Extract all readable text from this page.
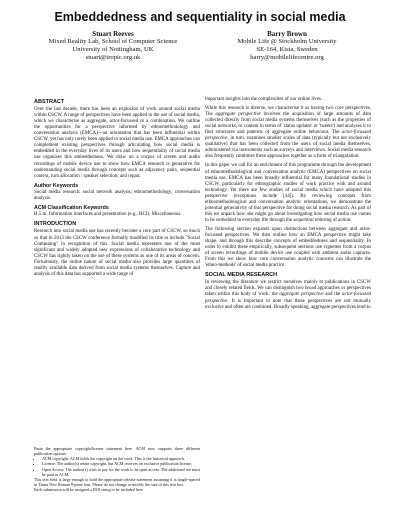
Embeddedness and sequentiality in social media
Stuart Reeves
Mixed Reality Lab, School of Computer Science
University of Nottingham, UK
stuart@tropic.org.uk
Barry Brown
Mobile Life @ Stockholm University
SE-164, Kista, Sweden
barry@mobilelifecentre.org
ABSTRACT

Over the last decade, there has been an explosion of work around social media within CSCW. A range of perspectives have been applied to the use of social media, which we characterise as aggregate, actor-focussed or a combination. We outline the opportunities for a perspective informed by ethnomethodology and conversation analysis (EMCA)—an orientation that has been influential within CSCW, yet has only rarely been applied to social media use. EMCA approaches can complement existing perspectives through articulating how social media is embedded in the everyday lives of its users and how sequentiality of social media use organises this embeddedness. We draw on a corpus of screen and audio recordings of mobile device use to show how EMCA research is generative for understanding social media through concepts such as adjacency pairs, sequential context, turn allocation / speaker selection, and repair.

Author Keywords

Social media research; social network analysis; ethnomethodology; conversation analysis.

ACM Classification Keywords

H.5.m. Information interfaces and presentation (e.g., HCI): Miscellaneous.

INTRODUCTION

Research into social media use has recently become a core part of CSCW, so much so that in 2013 the CSCW conference formally modified its title to include "Social Computing" in recognition of this. Social media represents one of the most significant and widely adopted new expressions of collaborative technology and CSCW has rightly taken on the use of these systems as one of its areas of concern. Fortuitously, the online nature of social media also provides large quantities of readily available data derived from social media systems themselves. Capture and analysis of this data has supported a wide range of

Paste the appropriate copyright/license statement here. ACM now supports three different publication options:

• ACM copyright: ACM holds the copyright on the work. This is the historical approach.
• License: The author(s) retain copyright, but ACM receives an exclusive publication license.
• Open Access: The author(s) wish to pay for the work to be open access. The additional fee must be paid to ACM.

This text field is large enough to hold the appropriate release statement assuming it is single-spaced in Times New Roman 8-point font. Please do not change or modify the size of this text box.

Each submission will be assigned a DOI string to be included here.

important insights into the complexities of our online lives.

While this research is diverse, we characterise it as having two core perspectives. The aggregate perspective involves the acquisition of large amounts of data collected directly from social media systems themselves (such as the properties of social networks, or content in terms of 'status updates' or 'tweets') and analyses it to find structures and patterns of aggregate online behaviour. The actor-focussed perspective, in turn, examines smaller scales of data (typically but not exclusively qualitative) that has been collected from the users of social media themselves, administered via instruments such as surveys and interviews. Social media research also frequently combines these approaches together as a form of triangulation.

In this paper we call for an enrichment of this programme through the development of ethnomethodological and conversation analytic (EMCA) perspectives on social media use. EMCA has been broadly influential for many foundational studies in CSCW, particularly for ethnographic studies of work practice with and around technology. Yet there are few studies of social media which have adopted this perspective (exceptions include [44]). By reviewing concepts from ethnomethodological and conversation analytic orientations, we demonstrate the potential generativity of this perspective for doing social media research. As part of this we unpack how one might go about investigating how social media use comes to be embedded in everyday life through the sequential ordering of action.

The following section expands upon distinctions between aggregate and actor-focussed perspectives. We then outline how an EMCA perspective might take shape, and through this describe concepts of embeddedness and sequentiality. In order to exhibit these empirically, subsequent sections use vignettes from a corpus of screen recordings of mobile device use coupled with ambient audio captures. From this we show how core conversation analytic concerns can illustrate the 'ethno-methods' of social media practice.

SOCIAL MEDIA RESEARCH

In reviewing the literature we restrict ourselves mainly to publications in CSCW and closely related fields. We can distinguish two broad approaches or perspectives taken within this body of work: the aggregate perspective and the actor-focussed perspective. It is important to note that these perspectives are not mutually exclusive and often are combined. Broadly speaking, aggregate perspectives tend to
